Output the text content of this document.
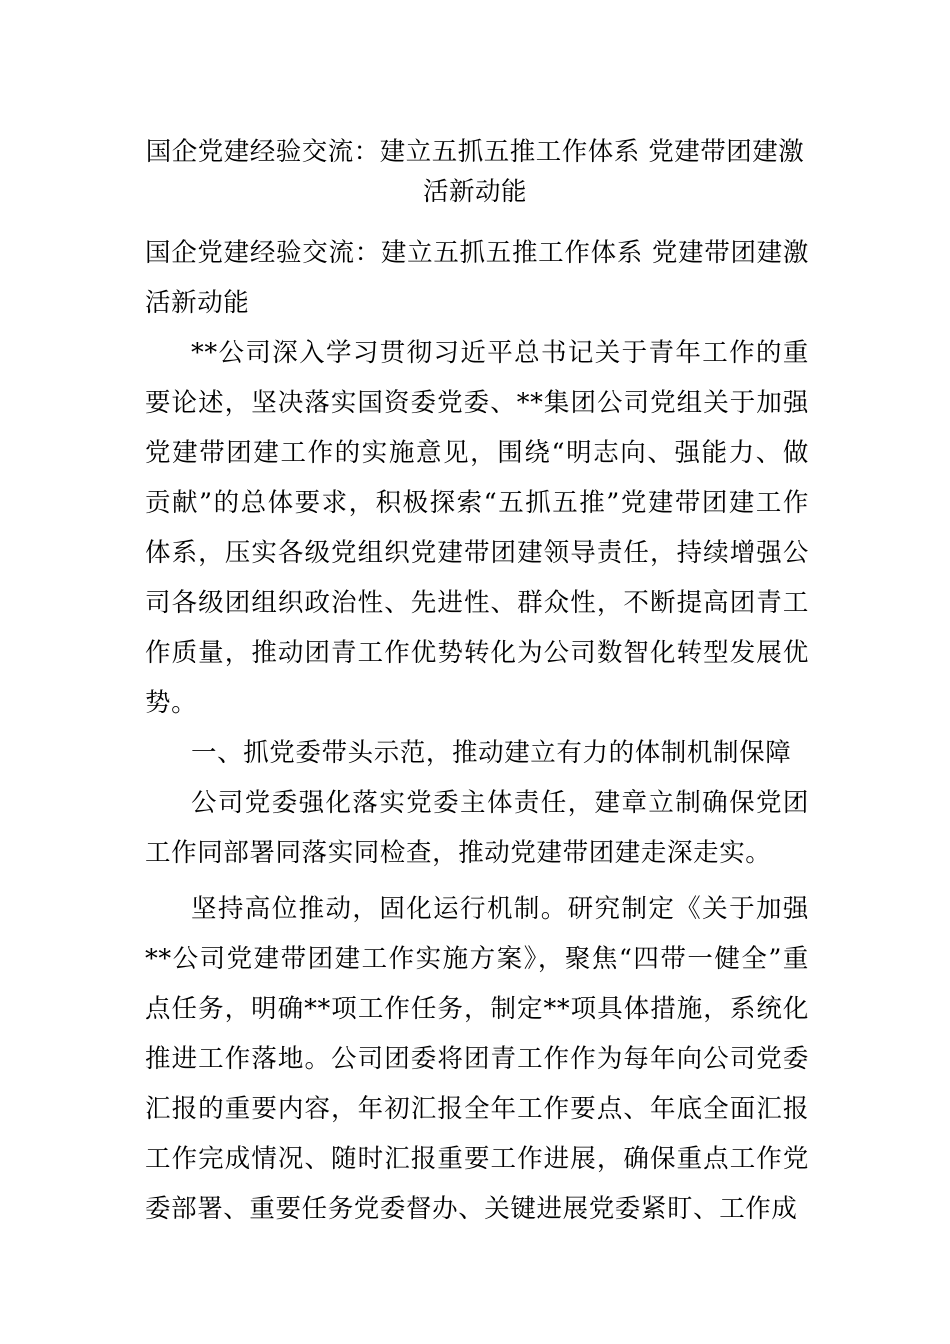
国企党建经验交流：建立五抓五推工作体系 党建带团建激活新动能

国企党建经验交流：建立五抓五推工作体系 党建带团建激活新动能

**公司深入学习贯彻习近平总书记关于青年工作的重要论述，坚决落实国资委党委、**集团公司党组关于加强党建带团建工作的实施意见，围绕“明志向、强能力、做贡献”的总体要求，积极探索“五抓五推”党建带团建工作体系，压实各级党组织党建带团建领导责任，持续增强公司各级团组织政治性、先进性、群众性，不断提高团青工作质量，推动团青工作优势转化为公司数智化转型发展优势。

一、抓党委带头示范，推动建立有力的体制机制保障

公司党委强化落实党委主体责任，建章立制确保党团工作同部署同落实同检查，推动党建带团建走深走实。

坚持高位推动，固化运行机制。研究制定《关于加强**公司党建带团建工作实施方案》，聚焦“四带一健全”重点任务，明确**项工作任务，制定**项具体措施，系统化推进工作落地。公司团委将团青工作作为每年向公司党委汇报的重要内容，年初汇报全年工作要点、年底全面汇报工作完成情况、随时汇报重要工作进展，确保重点工作党委部署、重要任务党委督办、关键进展党委紧盯、工作成
